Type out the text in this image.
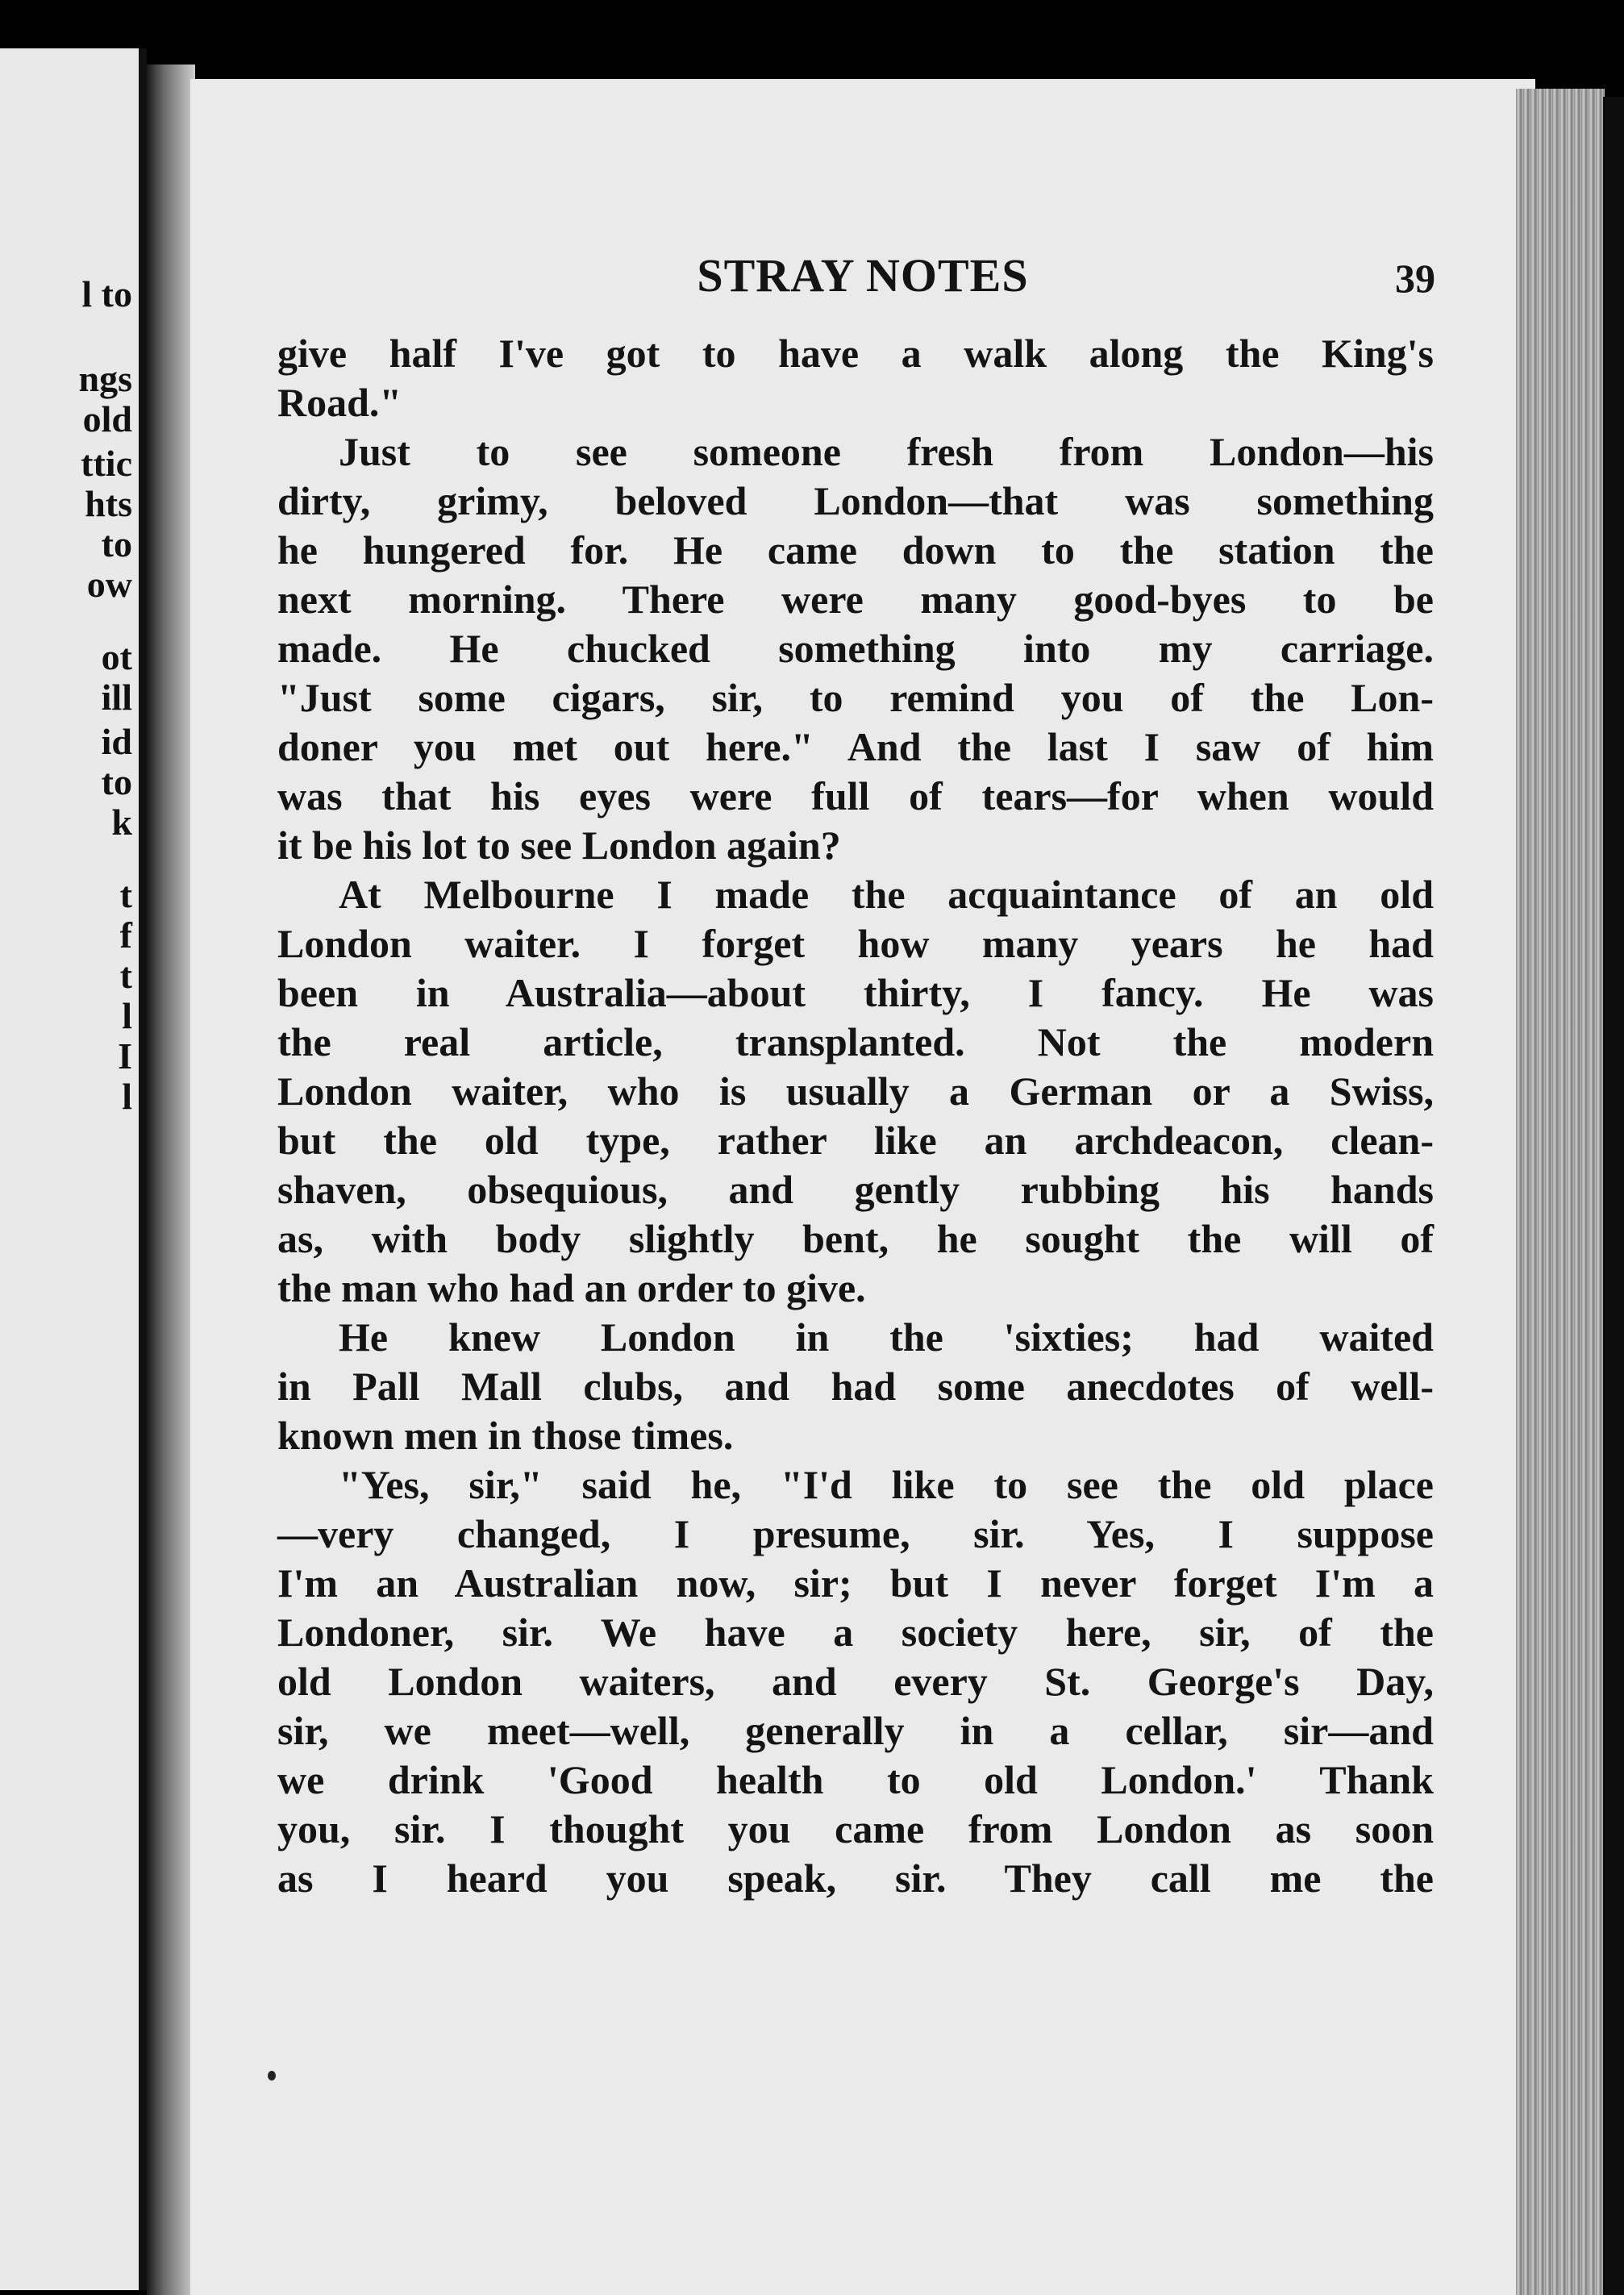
l to
ngs
old
ttic
hts
to
ow
ot
ill
id
to
k
t
f
t
l
I
l
STRAY NOTES	39
give half I've got to have a walk along the King's
Road."
Just to see someone fresh from London—his
dirty, grimy, beloved London—that was something
he hungered for. He came down to the station the
next morning. There were many good-byes to be
made. He chucked something into my carriage.
"Just some cigars, sir, to remind you of the Lon-
doner you met out here." And the last I saw of him
was that his eyes were full of tears—for when would
it be his lot to see London again?
At Melbourne I made the acquaintance of an old
London waiter. I forget how many years he had
been in Australia—about thirty, I fancy. He was
the real article, transplanted. Not the modern
London waiter, who is usually a German or a Swiss,
but the old type, rather like an archdeacon, clean-
shaven, obsequious, and gently rubbing his hands
as, with body slightly bent, he sought the will of
the man who had an order to give.
He knew London in the 'sixties; had waited
in Pall Mall clubs, and had some anecdotes of well-
known men in those times.
"Yes, sir," said he, "I'd like to see the old place
—very changed, I presume, sir. Yes, I suppose
I'm an Australian now, sir; but I never forget I'm a
Londoner, sir. We have a society here, sir, of the
old London waiters, and every St. George's Day,
sir, we meet—well, generally in a cellar, sir—and
we drink 'Good health to old London.' Thank
you, sir. I thought you came from London as soon
as I heard you speak, sir. They call me the
